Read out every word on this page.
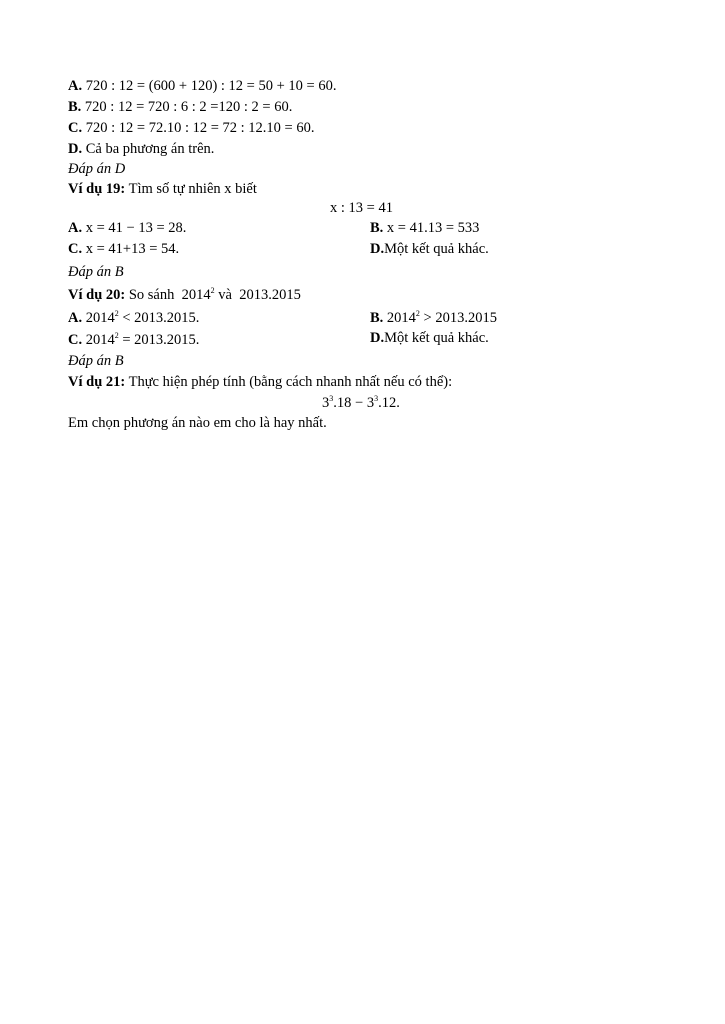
A. 720 : 12 = (600 + 120) : 12 = 50 + 10 = 60.
B. 720 : 12 = 720 : 6 : 2 =120 : 2 = 60.
C. 720 : 12 = 72.10 : 12 = 72 : 12.10 = 60.
D. Cả ba phương án trên.
Đáp án D
Ví dụ 19: Tìm số tự nhiên x biết
x : 13 = 41
A. x = 41 − 13 = 28.	B. x = 41.13 = 533
C. x = 41+13 = 54.	D.Một kết quả khác.
Đáp án B
Ví dụ 20: So sánh 2014$^2$ và 2013.2015
A. $2014^2 < 2013.2015$.	B. $2014^2 > 2013.2015$
C. $2014^2 = 2013.2015$.	D.Một kết quả khác.
Đáp án B
Ví dụ 21: Thực hiện phép tính (bằng cách nhanh nhất nếu có thể):
$3^3.18 - 3^3.12$.
Em chọn phương án nào em cho là hay nhất.
